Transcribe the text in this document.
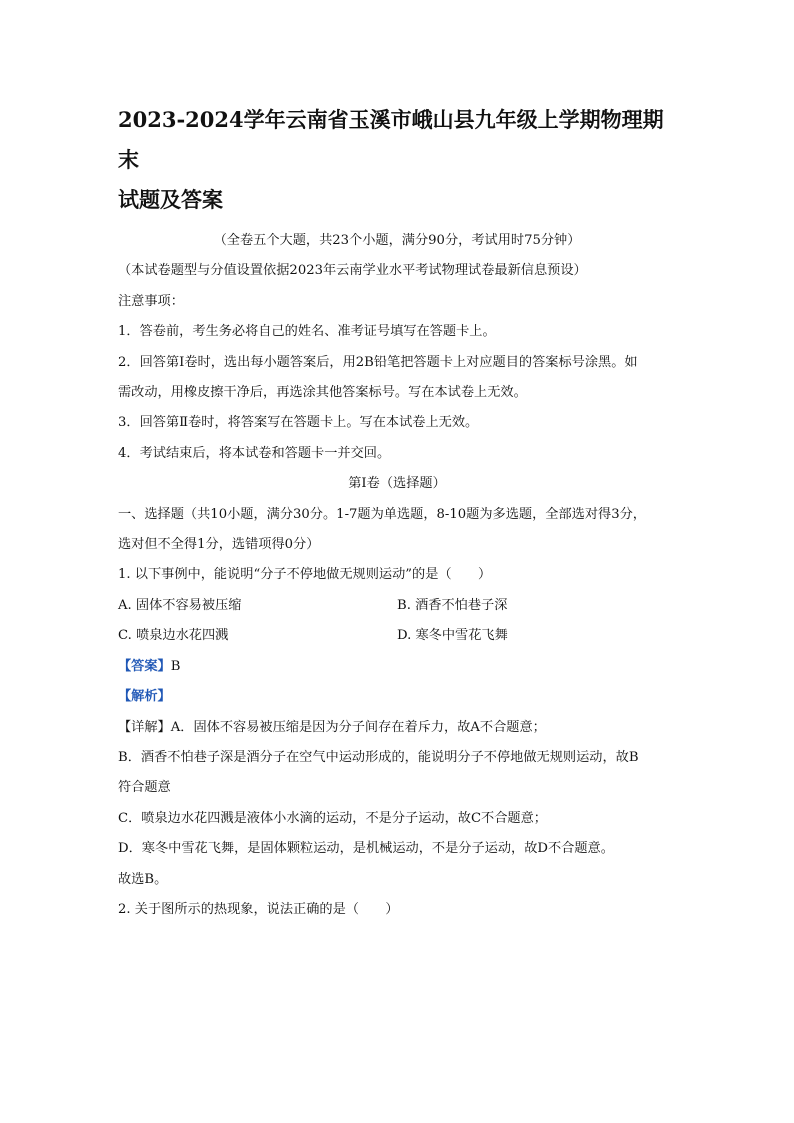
2023-2024学年云南省玉溪市峨山县九年级上学期物理期末

试题及答案

（全卷五个大题，共23个小题，满分90分，考试用时75分钟）

（本试卷题型与分值设置依据2023年云南学业水平考试物理试卷最新信息预设）

注意事项：

1．答卷前，考生务必将自己的姓名、准考证号填写在答题卡上。

2．回答第Ⅰ卷时，选出每小题答案后，用2B铅笔把答题卡上对应题目的答案标号涂黑。如

需改动，用橡皮擦干净后，再选涂其他答案标号。写在本试卷上无效。

3．回答第Ⅱ卷时，将答案写在答题卡上。写在本试卷上无效。

4．考试结束后，将本试卷和答题卡一并交回。

第Ⅰ卷（选择题）

一、选择题（共10小题，满分30分。1-7题为单选题，8-10题为多选题，全部选对得3分，

选对但不全得1分，选错项得0分）

1. 以下事例中，能说明“分子不停地做无规则运动”的是（　　）

A. 固体不容易被压缩	B. 酒香不怕巷子深
C. 喷泉边水花四溅	D. 寒冬中雪花飞舞

【答案】B

【解析】

【详解】A．固体不容易被压缩是因为分子间存在着斥力，故A不合题意；

B．酒香不怕巷子深是酒分子在空气中运动形成的，能说明分子不停地做无规则运动，故B

符合题意

C．喷泉边水花四溅是液体小水滴的运动，不是分子运动，故C不合题意；

D．寒冬中雪花飞舞，是固体颗粒运动，是机械运动，不是分子运动，故D不合题意。

故选B。

2. 关于图所示的热现象，说法正确的是（　　）
